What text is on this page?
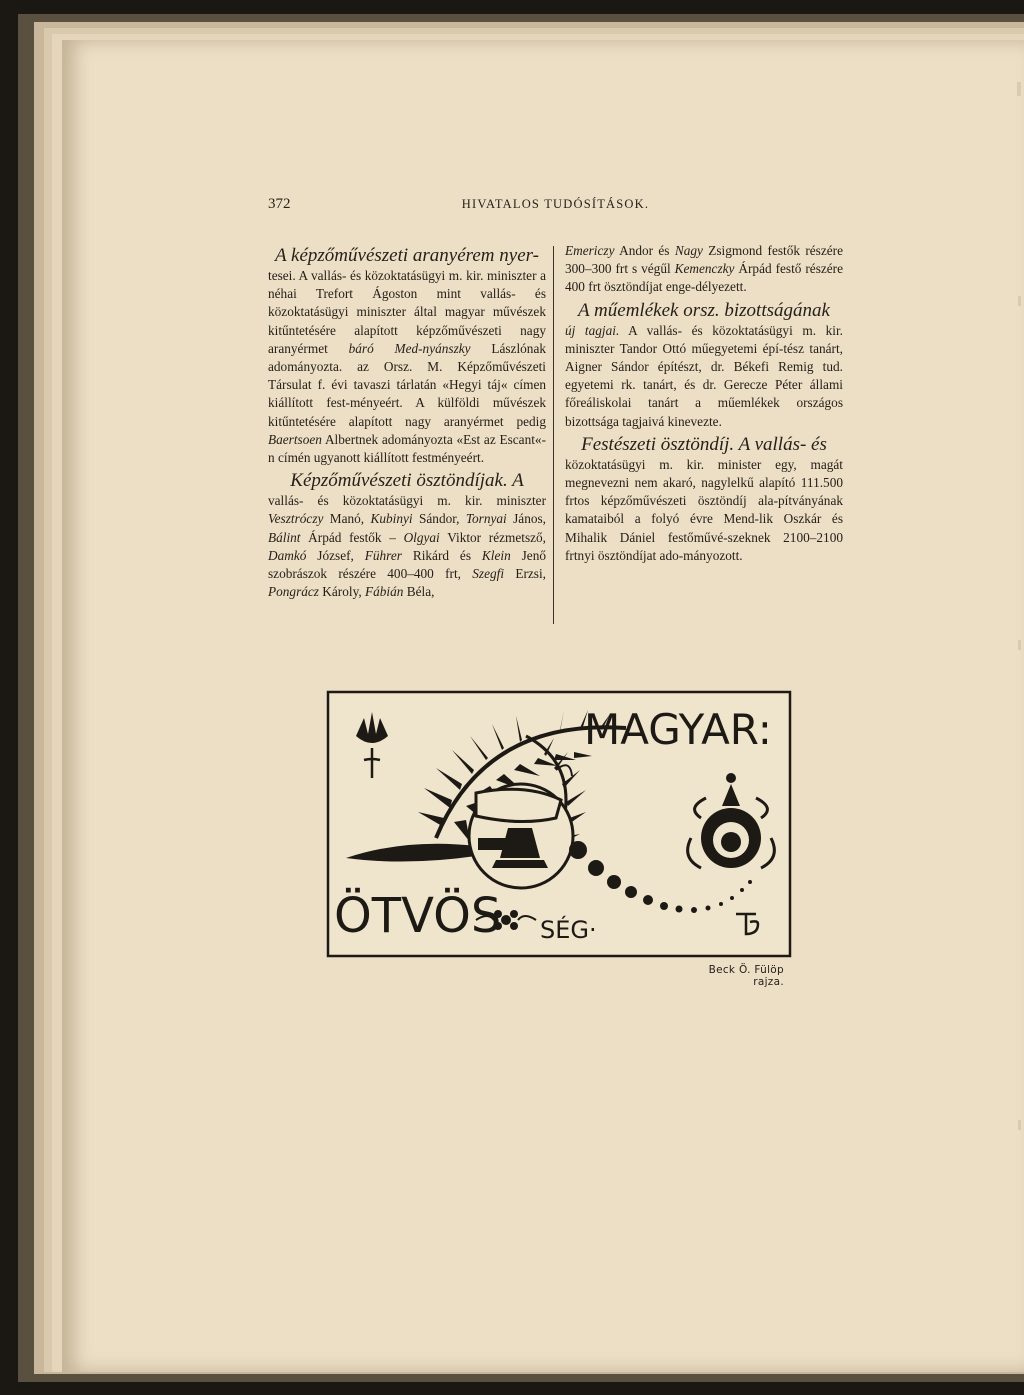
372	HIVATALOS TUDÓSÍTÁSOK.

A képzőművészeti aranyérem nyer-
tesei. A vallás- és közoktatásügyi m. kir. miniszter a néhai Trefort Ágoston mint vallás- és közoktatásügyi miniszter által magyar művészek kitűntetésére alapított képzőművészeti nagy aranyérmet báró Med-nyánszky Lászlónak adományozta. az Orsz. M. Képzőművészeti Társulat f. évi tavaszi tárlatán «Hegyi táj« címen kiállított fest-ményeért. A külföldi művészek kitűntetésére alapított nagy aranyérmet pedig Baertsoen Albertnek adományozta «Est az Escant«-n címén ugyanott kiállított festményeért.

Képzőművészeti ösztöndíjak. A
vallás- és közoktatásügyi m. kir. miniszter Vesztróczy Manó, Kubinyi Sándor, Tornyai János, Bálint Árpád festők – Olgyai Viktor rézmetsző, Damkó József, Führer Rikárd és Klein Jenő szobrászok részére 400–400 frt, Szegfi Erzsi, Pongrácz Károly, Fábián Béla,

Emericzy Andor és Nagy Zsigmond festők részére 300–300 frt s végűl Kemenczky Árpád festő részére 400 frt ösztöndíjat enge-délyezett.

A műemlékek orsz. bizottságának
új tagjai. A vallás- és közoktatásügyi m. kir. miniszter Tandor Ottó műegyetemi épí-tész tanárt, Aigner Sándor építészt, dr. Békefi Remig tud. egyetemi rk. tanárt, és dr. Gerecze Péter állami főreáliskolai tanárt a műemlékek országos bizottsága tagjaivá kinevezte.

Festészeti ösztöndíj. A vallás- és
közoktatásügyi m. kir. minister egy, magát megnevezni nem akaró, nagylelkű alapító 111.500 frtos képzőművészeti ösztöndíj ala-pítványának kamataiból a folyó évre Mend-lik Oszkár és Mihalik Dániel festőművé-szeknek 2100–2100 frtnyi ösztöndíjat ado-mányozott.

MAGYAR:
ÖTVÖS SÉG·
Beck Ö. Fülöp rajza.
